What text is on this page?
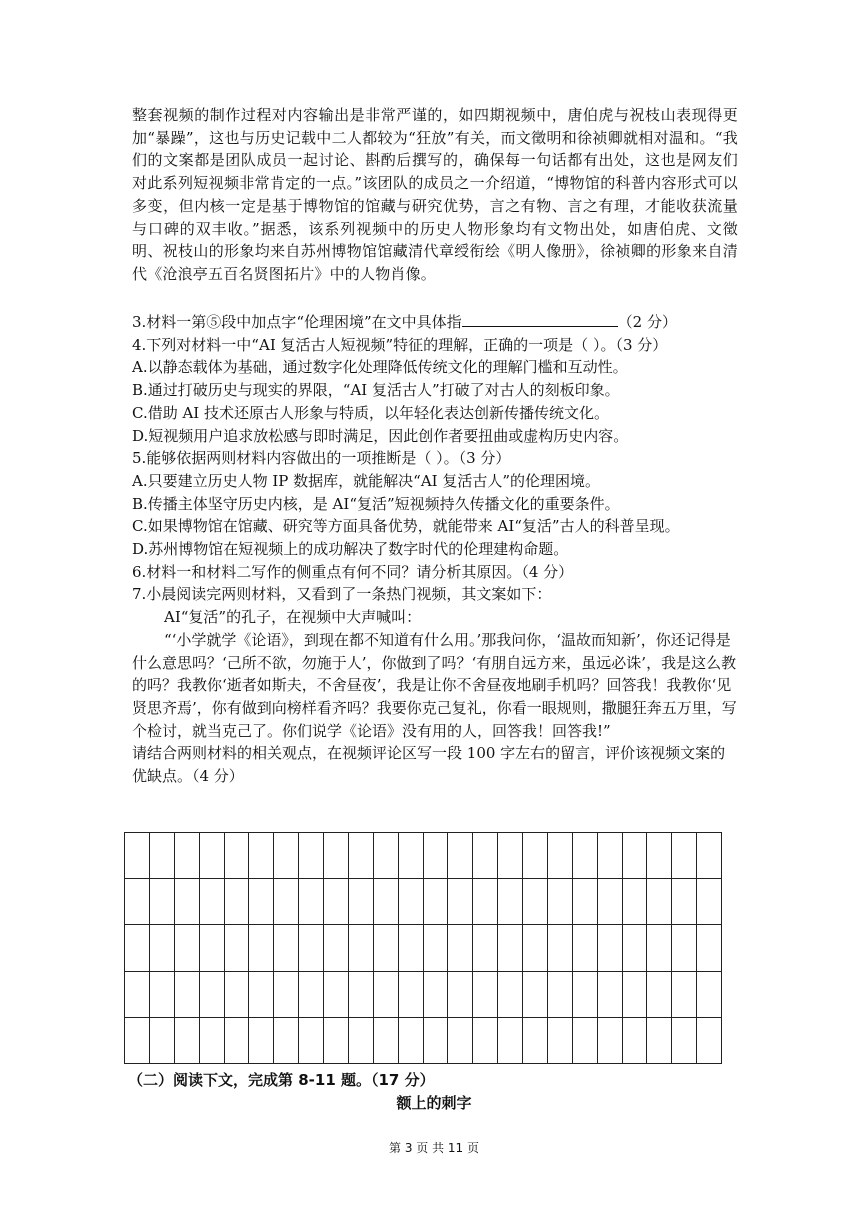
整套视频的制作过程对内容输出是非常严谨的，如四期视频中，唐伯虎与祝枝山表现得更加“暴躁”，这也与历史记载中二人都较为“狂放”有关，而文徵明和徐祯卿就相对温和。“我们的文案都是团队成员一起讨论、斟酌后撰写的，确保每一句话都有出处，这也是网友们对此系列短视频非常肯定的一点。”该团队的成员之一介绍道，“博物馆的科普内容形式可以多变，但内核一定是基于博物馆的馆藏与研究优势，言之有物、言之有理，才能收获流量与口碑的双丰收。”据悉，该系列视频中的历史人物形象均有文物出处，如唐伯虎、文徵明、祝枝山的形象均来自苏州博物馆馆藏清代章绶衔绘《明人像册》，徐祯卿的形象来自清代《沧浪亭五百名贤图拓片》中的人物肖像。

3.材料一第⑤段中加点字“伦理困境”在文中具体指	（2 分）

4.下列对材料一中“AI 复活古人短视频”特征的理解，正确的一项是（ ）。（3 分）

A.以静态载体为基础，通过数字化处理降低传统文化的理解门槛和互动性。

B.通过打破历史与现实的界限，“AI 复活古人”打破了对古人的刻板印象。

C.借助 AI 技术还原古人形象与特质，以年轻化表达创新传播传统文化。

D.短视频用户追求放松感与即时满足，因此创作者要扭曲或虚构历史内容。

5.能够依据两则材料内容做出的一项推断是（ ）。（3 分）

A.只要建立历史人物 IP 数据库，就能解决“AI 复活古人”的伦理困境。

B.传播主体坚守历史内核，是 AI“复活”短视频持久传播文化的重要条件。

C.如果博物馆在馆藏、研究等方面具备优势，就能带来 AI“复活”古人的科普呈现。

D.苏州博物馆在短视频上的成功解决了数字时代的伦理建构命题。

6.材料一和材料二写作的侧重点有何不同？请分析其原因。（4 分）

7.小晨阅读完两则材料，又看到了一条热门视频，其文案如下：

AI“复活”的孔子，在视频中大声喊叫：

“‘小学就学《论语》，到现在都不知道有什么用。’那我问你，‘温故而知新’，你还记得是什么意思吗？‘己所不欲，勿施于人’，你做到了吗？‘有朋自远方来，虽远必诛’，我是这么教的吗？我教你‘逝者如斯夫，不舍昼夜’，我是让你不舍昼夜地刷手机吗？回答我！我教你‘见贤思齐焉’，你有做到向榜样看齐吗？我要你克己复礼，你看一眼规则，撒腿狂奔五万里，写个检讨，就当克己了。你们说学《论语》没有用的人，回答我！回答我!”

请结合两则材料的相关观点，在视频评论区写一段 100 字左右的留言，评价该视频文案的优缺点。（4 分）

（二）阅读下文，完成第 8-11 题。（17 分）
额上的刺字
第 3 页 共 11 页
